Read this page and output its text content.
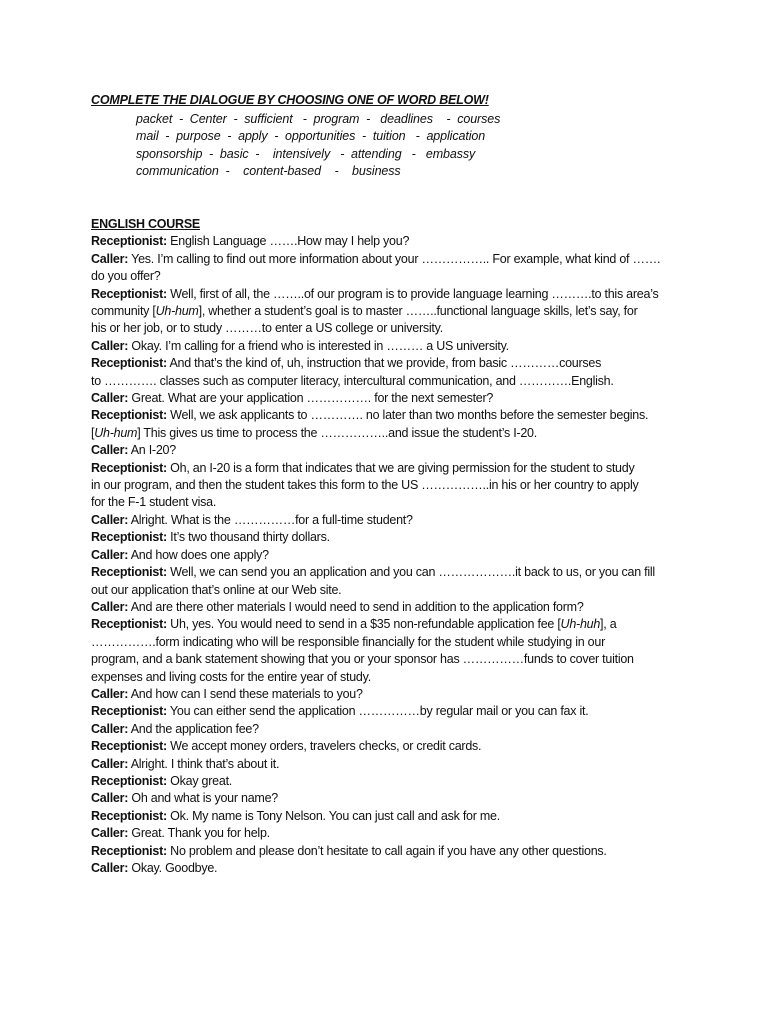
COMPLETE THE DIALOGUE BY CHOOSING ONE OF WORD BELOW!
packet  -  Center  -  sufficient   -  program  -   deadlines    -  courses
mail  -  purpose  -  apply  -  opportunities  -  tuition   -  application
sponsorship  -  basic  -    intensively   -  attending   -   embassy
communication  -    content-based    -    business
ENGLISH COURSE
Receptionist: English Language …….How may I help you?
Caller: Yes. I’m calling to find out more information about your …………….. For example, what kind of …….
do you offer?
Receptionist: Well, first of all, the ……..of our program is to provide language learning ……….to this area’s
community [Uh-hum], whether a student’s goal is to master ……..functional language skills, let’s say, for
his or her job, or to study ………to enter a US college or university.
Caller: Okay. I’m calling for a friend who is interested in ……… a US university.
Receptionist: And that’s the kind of, uh, instruction that we provide, from basic …………courses
to …………. classes such as computer literacy, intercultural communication, and ………….English.
Caller: Great. What are your application ……………. for the next semester?
Receptionist: Well, we ask applicants to …………. no later than two months before the semester begins.
[Uh-hum] This gives us time to process the ……………..and issue the student’s I-20.
Caller: An I-20?
Receptionist: Oh, an I-20 is a form that indicates that we are giving permission for the student to study
in our program, and then the student takes this form to the US ……………..in his or her country to apply
for the F-1 student visa.
Caller: Alright. What is the ……………for a full-time student?
Receptionist: It’s two thousand thirty dollars.
Caller: And how does one apply?
Receptionist: Well, we can send you an application and you can ……………….it back to us, or you can fill
out our application that’s online at our Web site.
Caller: And are there other materials I would need to send in addition to the application form?
Receptionist: Uh, yes. You would need to send in a $35 non-refundable application fee [Uh-huh], a
…………….form indicating who will be responsible financially for the student while studying in our
program, and a bank statement showing that you or your sponsor has ……………funds to cover tuition
expenses and living costs for the entire year of study.
Caller: And how can I send these materials to you?
Receptionist: You can either send the application ……………by regular mail or you can fax it.
Caller: And the application fee?
Receptionist: We accept money orders, travelers checks, or credit cards.
Caller: Alright. I think that’s about it.
Receptionist: Okay great.
Caller: Oh and what is your name?
Receptionist: Ok. My name is Tony Nelson. You can just call and ask for me.
Caller: Great. Thank you for help.
Receptionist: No problem and please don’t hesitate to call again if you have any other questions.
Caller: Okay. Goodbye.
